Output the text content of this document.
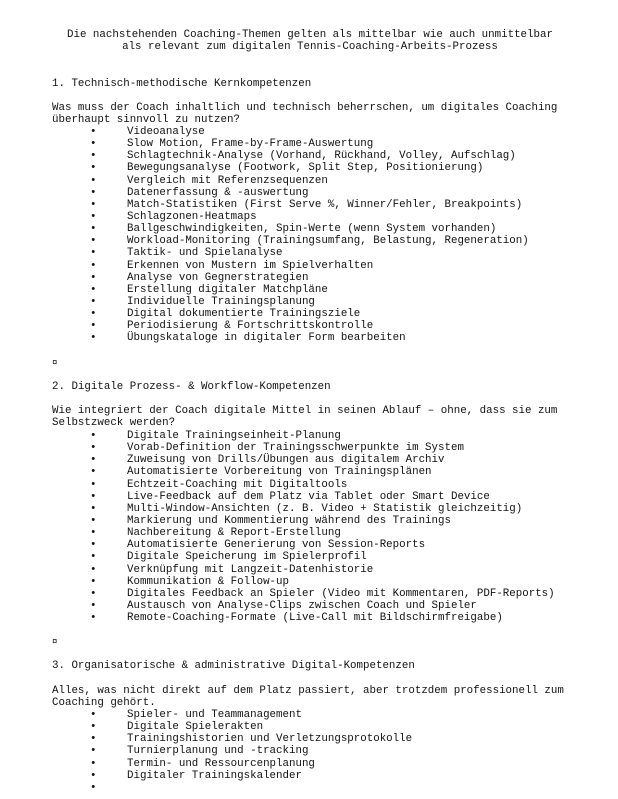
Die nachstehenden Coaching-Themen gelten als mittelbar wie auch unmittelbar
als relevant zum digitalen Tennis-Coaching-Arbeits-Prozess
1. Technisch-methodische Kernkompetenzen
Was muss der Coach inhaltlich und technisch beherrschen, um digitales Coaching
überhaupt sinnvoll zu nutzen?
•	Videoanalyse
•	Slow Motion, Frame-by-Frame-Auswertung
•	Schlagtechnik-Analyse (Vorhand, Rückhand, Volley, Aufschlag)
•	Bewegungsanalyse (Footwork, Split Step, Positionierung)
•	Vergleich mit Referenzsequenzen
•	Datenerfassung & -auswertung
•	Match-Statistiken (First Serve %, Winner/Fehler, Breakpoints)
•	Schlagzonen-Heatmaps
•	Ballgeschwindigkeiten, Spin-Werte (wenn System vorhanden)
•	Workload-Monitoring (Trainingsumfang, Belastung, Regeneration)
•	Taktik- und Spielanalyse
•	Erkennen von Mustern im Spielverhalten
•	Analyse von Gegnerstrategien
•	Erstellung digitaler Matchpläne
•	Individuelle Trainingsplanung
•	Digital dokumentierte Trainingsziele
•	Periodisierung & Fortschrittskontrolle
•	Übungskataloge in digitaler Form bearbeiten
¤
2. Digitale Prozess- & Workflow-Kompetenzen
Wie integriert der Coach digitale Mittel in seinen Ablauf – ohne, dass sie zum
Selbstzweck werden?
•	Digitale Trainingseinheit-Planung
•	Vorab-Definition der Trainingsschwerpunkte im System
•	Zuweisung von Drills/Übungen aus digitalem Archiv
•	Automatisierte Vorbereitung von Trainingsplänen
•	Echtzeit-Coaching mit Digitaltools
•	Live-Feedback auf dem Platz via Tablet oder Smart Device
•	Multi-Window-Ansichten (z. B. Video + Statistik gleichzeitig)
•	Markierung und Kommentierung während des Trainings
•	Nachbereitung & Report-Erstellung
•	Automatisierte Generierung von Session-Reports
•	Digitale Speicherung im Spielerprofil
•	Verknüpfung mit Langzeit-Datenhistorie
•	Kommunikation & Follow-up
•	Digitales Feedback an Spieler (Video mit Kommentaren, PDF-Reports)
•	Austausch von Analyse-Clips zwischen Coach und Spieler
•	Remote-Coaching-Formate (Live-Call mit Bildschirmfreigabe)
¤
3. Organisatorische & administrative Digital-Kompetenzen
Alles, was nicht direkt auf dem Platz passiert, aber trotzdem professionell zum
Coaching gehört.
•	Spieler- und Teammanagement
•	Digitale Spielerakten
•	Trainingshistorien und Verletzungsprotokolle
•	Turnierplanung und -tracking
•	Termin- und Ressourcenplanung
•	Digitaler Trainingskalender
•
